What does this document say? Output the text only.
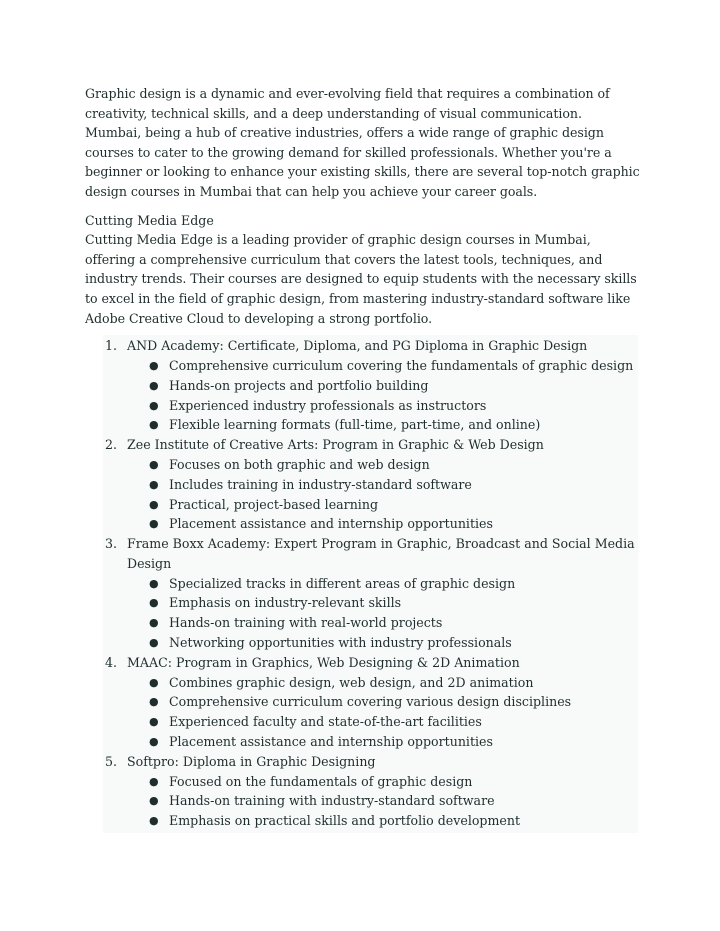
Graphic design is a dynamic and ever-evolving field that requires a combination of creativity, technical skills, and a deep understanding of visual communication. Mumbai, being a hub of creative industries, offers a wide range of graphic design courses to cater to the growing demand for skilled professionals. Whether you're a beginner or looking to enhance your existing skills, there are several top-notch graphic design courses in Mumbai that can help you achieve your career goals.

Cutting Media Edge

Cutting Media Edge is a leading provider of graphic design courses in Mumbai, offering a comprehensive curriculum that covers the latest tools, techniques, and industry trends. Their courses are designed to equip students with the necessary skills to excel in the field of graphic design, from mastering industry-standard software like Adobe Creative Cloud to developing a strong portfolio.

1. AND Academy: Certificate, Diploma, and PG Diploma in Graphic Design
● Comprehensive curriculum covering the fundamentals of graphic design
● Hands-on projects and portfolio building
● Experienced industry professionals as instructors
● Flexible learning formats (full-time, part-time, and online)
2. Zee Institute of Creative Arts: Program in Graphic & Web Design
● Focuses on both graphic and web design
● Includes training in industry-standard software
● Practical, project-based learning
● Placement assistance and internship opportunities
3. Frame Boxx Academy: Expert Program in Graphic, Broadcast and Social Media Design
● Specialized tracks in different areas of graphic design
● Emphasis on industry-relevant skills
● Hands-on training with real-world projects
● Networking opportunities with industry professionals
4. MAAC: Program in Graphics, Web Designing & 2D Animation
● Combines graphic design, web design, and 2D animation
● Comprehensive curriculum covering various design disciplines
● Experienced faculty and state-of-the-art facilities
● Placement assistance and internship opportunities
5. Softpro: Diploma in Graphic Designing
● Focused on the fundamentals of graphic design
● Hands-on training with industry-standard software
● Emphasis on practical skills and portfolio development
